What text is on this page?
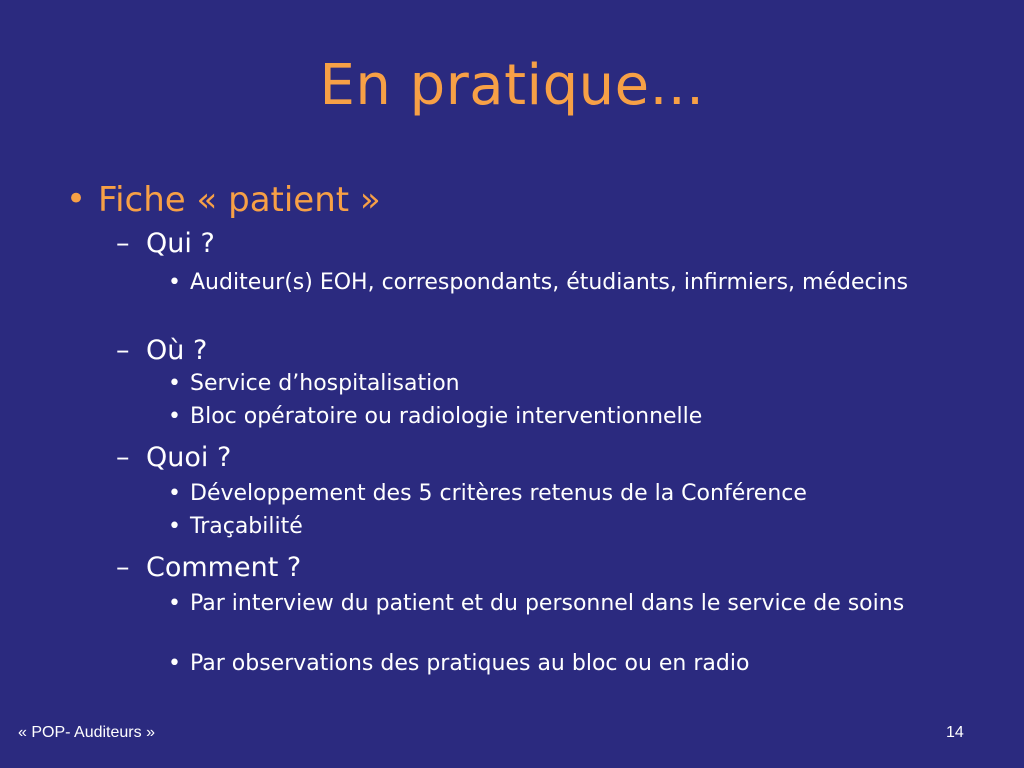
En pratique...
• Fiche « patient »
– Qui ?
• Auditeur(s) EOH, correspondants, étudiants, infirmiers, médecins
– Où ?
• Service d’hospitalisation
• Bloc opératoire ou radiologie interventionnelle
– Quoi ?
• Développement des 5 critères retenus de la Conférence
• Traçabilité
– Comment ?
• Par interview du patient et du personnel dans le service de soins
• Par observations des pratiques au bloc ou en radio
« POP- Auditeurs »	14
